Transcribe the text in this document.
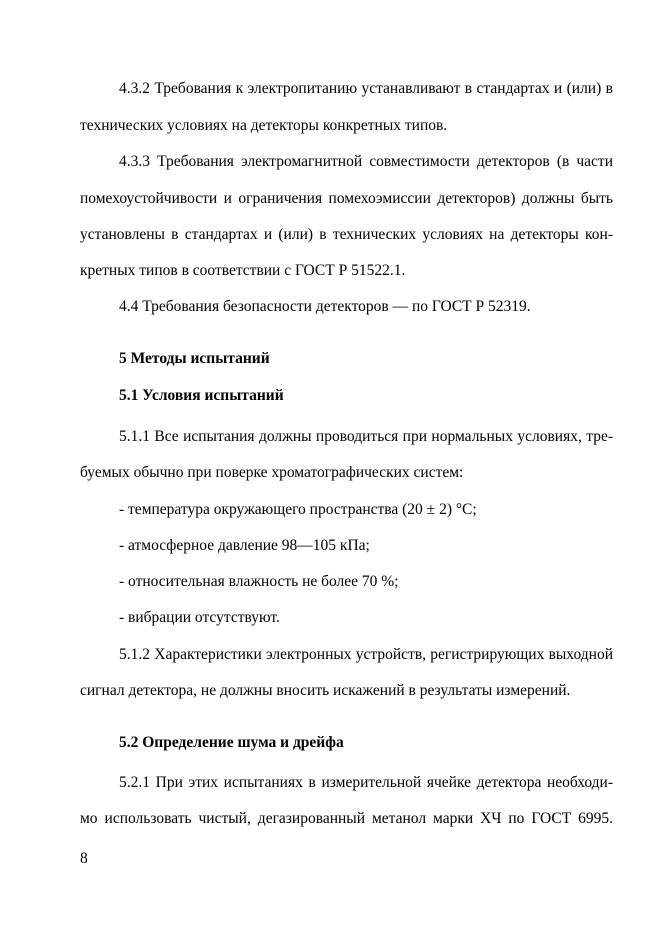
4.3.2 Требования к электропитанию устанавливают в стандартах и (или) в
технических условиях на детекторы конкретных типов.
4.3.3 Требования электромагнитной совместимости детекторов (в части
помехоустойчивости и ограничения помехоэмиссии детекторов) должны быть
установлены в стандартах и (или) в технических условиях на детекторы кон-
кретных типов в соответствии с ГОСТ Р 51522.1.
4.4 Требования безопасности детекторов — по ГОСТ Р 52319.
5 Методы испытаний
5.1 Условия испытаний
5.1.1 Все испытания должны проводиться при нормальных условиях, тре-
буемых обычно при поверке хроматографических систем:
- температура окружающего пространства (20 ± 2) °С;
- атмосферное давление 98—105 кПа;
- относительная влажность не более 70 %;
- вибрации отсутствуют.
5.1.2 Характеристики электронных устройств, регистрирующих выходной
сигнал детектора, не должны вносить искажений в результаты измерений.
5.2 Определение шума и дрейфа
5.2.1 При этих испытаниях в измерительной ячейке детектора необходи-
мо использовать чистый, дегазированный метанол марки ХЧ по ГОСТ 6995.
8
